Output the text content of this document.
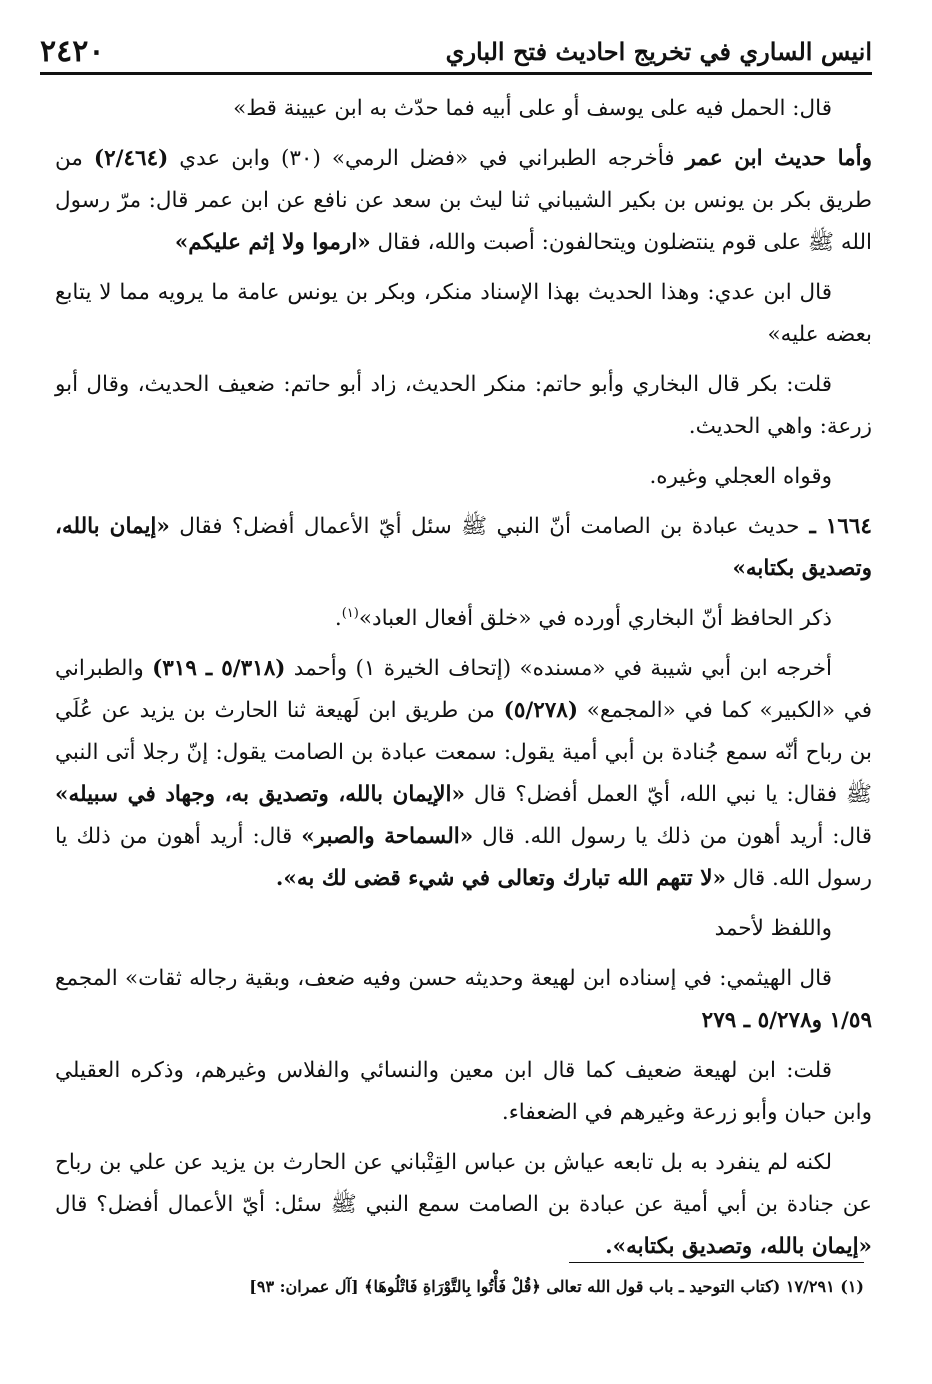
انيس الساري في تخريج احاديث فتح الباري
٢٤٢٠

قال: الحمل فيه على يوسف أو على أبيه فما حدّث به ابن عيينة قط»

وأما حديث ابن عمر فأخرجه الطبراني في «فضل الرمي» (٣٠) وابن عدي (٢/٤٦٤) من طريق بكر بن يونس بن بكير الشيباني ثنا ليث بن سعد عن نافع عن ابن عمر قال: مرّ رسول الله ﷺ على قوم ينتضلون ويتحالفون: أصبت والله، فقال «ارموا ولا إثم عليكم»

قال ابن عدي: وهذا الحديث بهذا الإسناد منكر، وبكر بن يونس عامة ما يرويه مما لا يتابع بعضه عليه»

قلت: بكر قال البخاري وأبو حاتم: منكر الحديث، زاد أبو حاتم: ضعيف الحديث، وقال أبو زرعة: واهي الحديث.

وقواه العجلي وغيره.

١٦٦٤ ـ حديث عبادة بن الصامت أنّ النبي ﷺ سئل أيّ الأعمال أفضل؟ فقال «إيمان بالله، وتصديق بكتابه»

ذكر الحافظ أنّ البخاري أورده في «خلق أفعال العباد»$^{(١)}$.

أخرجه ابن أبي شيبة في «مسنده» (إتحاف الخيرة ١) وأحمد (٥/٣١٨ ـ ٣١٩) والطبراني في «الكبير» كما في «المجمع» (٥/٢٧٨) من طريق ابن لَهيعة ثنا الحارث بن يزيد عن عُلَي بن رباح أنّه سمع جُنادة بن أبي أمية يقول: سمعت عبادة بن الصامت يقول: إنّ رجلا أتى النبي ﷺ فقال: يا نبي الله، أيّ العمل أفضل؟ قال «الإيمان بالله، وتصديق به، وجهاد في سبيله» قال: أريد أهون من ذلك يا رسول الله. قال «السماحة والصبر» قال: أريد أهون من ذلك يا رسول الله. قال «لا تتهم الله تبارك وتعالى في شيء قضى لك به».

واللفظ لأحمد

قال الهيثمي: في إسناده ابن لهيعة وحديثه حسن وفيه ضعف، وبقية رجاله ثقات» المجمع ١/٥٩ و٥/٢٧٨ ـ ٢٧٩

قلت: ابن لهيعة ضعيف كما قال ابن معين والنسائي والفلاس وغيرهم، وذكره العقيلي وابن حبان وأبو زرعة وغيرهم في الضعفاء.

لكنه لم ينفرد به بل تابعه عياش بن عباس القِتْباني عن الحارث بن يزيد عن علي بن رباح عن جنادة بن أبي أمية عن عبادة بن الصامت سمع النبي ﷺ سئل: أيّ الأعمال أفضل؟ قال «إيمان بالله، وتصديق بكتابه».

(١) ١٧/٢٩١ (كتاب التوحيد ـ باب قول الله تعالى ﴿قُلْ فَأْتُوا بِالتَّوْرَاةِ فَاتْلُوهَا﴾ [آل عمران: ٩٣]
